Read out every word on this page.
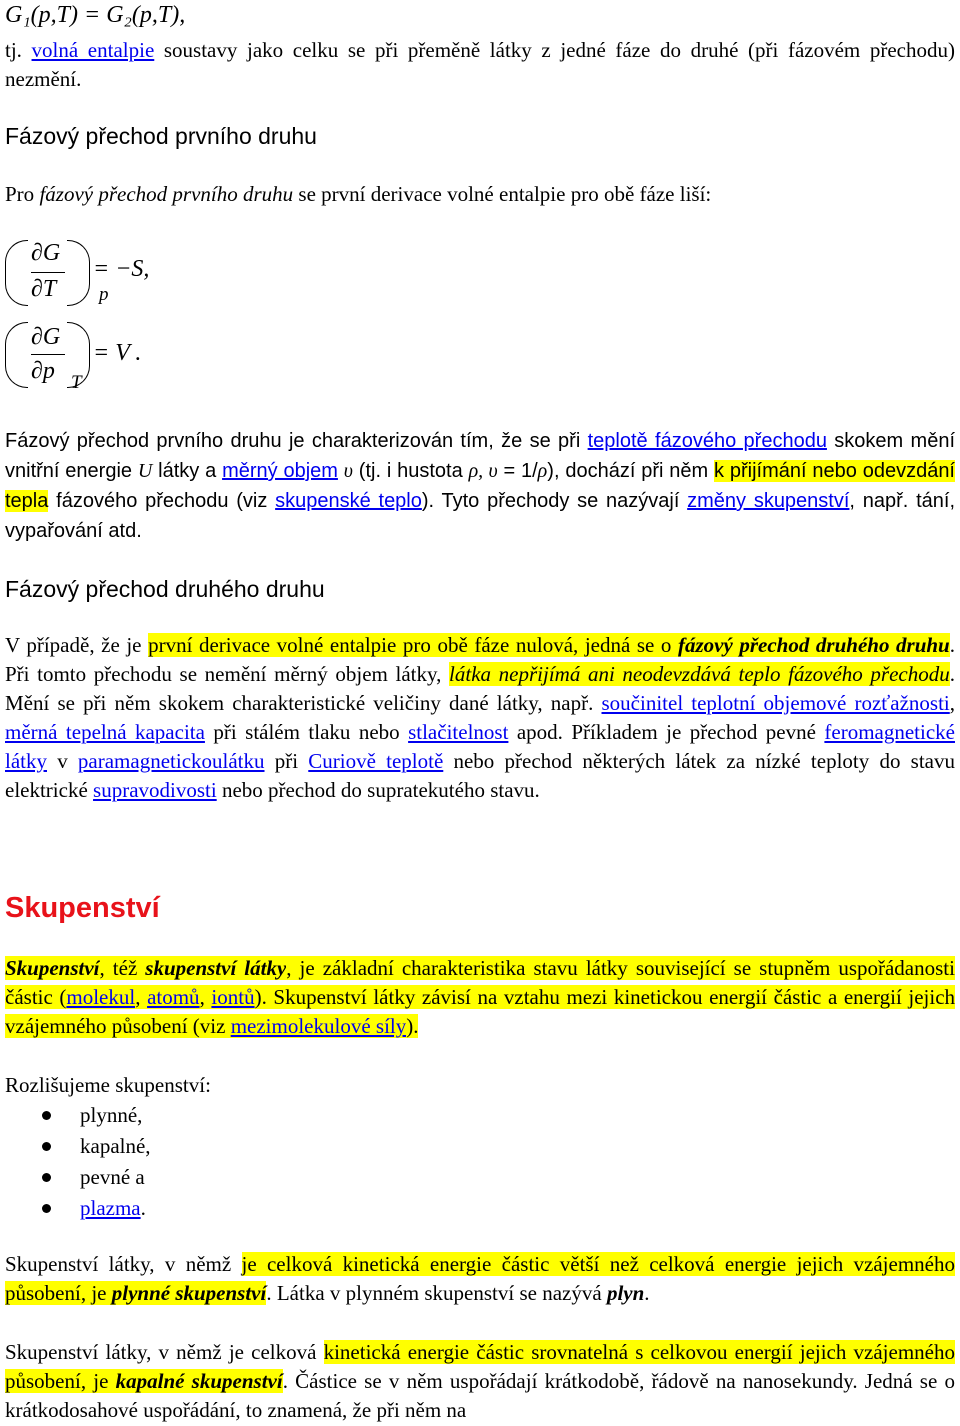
G₁(p,T) = G₂(p,T),

tj. volná entalpie soustavy jako celku se při přeměně látky z jedné fáze do druhé (při fázovém přechodu) nezmění.

Fázový přechod prvního druhu

Pro fázový přechod prvního druhu se první derivace volné entalpie pro obě fáze liší:

∂G
∂T p
= −S,
∂G
∂p T
= V .

Fázový přechod prvního druhu je charakterizován tím, že se při teplotě fázového přechodu skokem mění vnitřní energie U látky a měrný objem υ (tj. i hustota ρ, υ = 1/ρ), dochází při něm k přijímání nebo odevzdání tepla fázového přechodu (viz skupenské teplo). Tyto přechody se nazývají změny skupenství, např. tání, vypařování atd.

Fázový přechod druhého druhu

V případě, že je první derivace volné entalpie pro obě fáze nulová, jedná se o fázový přechod druhého druhu. Při tomto přechodu se nemění měrný objem látky, látka nepřijímá ani neodevzdává teplo fázového přechodu. Mění se při něm skokem charakteristické veličiny dané látky, např. součinitel teplotní objemové rozťažnosti, měrná tepelná kapacita při stálém tlaku nebo stlačitelnost apod. Příkladem je přechod pevné feromagnetické látky v paramagnetickoulátku při Curiově teplotě nebo přechod některých látek za nízké teploty do stavu elektrické supravodivosti nebo přechod do supratekutého stavu.

Skupenství

Skupenství, též skupenství látky, je základní charakteristika stavu látky související se stupněm uspořádanosti částic (molekul, atomů, iontů). Skupenství látky závisí na vztahu mezi kinetickou energií částic a energií jejich vzájemného působení (viz mezimolekulové síly).

Rozlišujeme skupenství:

plynné,
kapalné,
pevné a
plazma.

Skupenství látky, v němž je celková kinetická energie částic větší než celková energie jejich vzájemného působení, je plynné skupenství. Látka v plynném skupenství se nazývá plyn.

Skupenství látky, v němž je celková kinetická energie částic srovnatelná s celkovou energií jejich vzájemného působení, je kapalné skupenství. Částice se v něm uspořádají krátkodobě, řádově na nanosekundy. Jedná se o krátkodosahové uspořádání, to znamená, že při něm na
